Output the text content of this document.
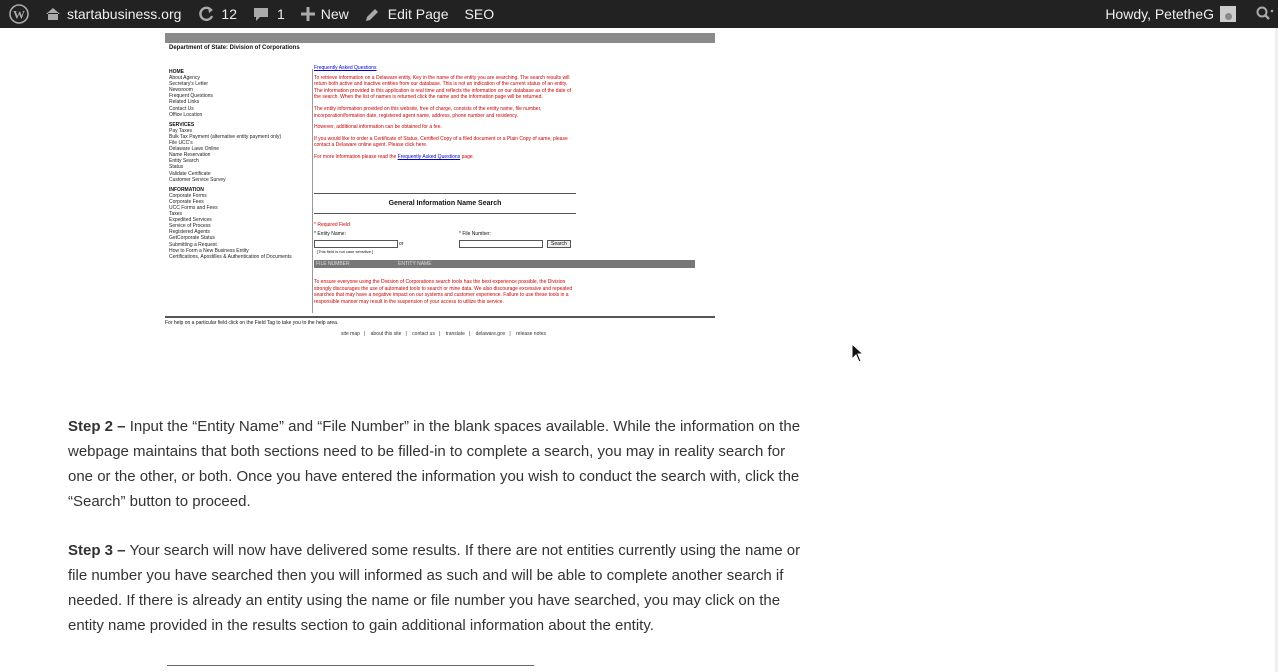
W	startabusiness.org	12	1	New	Edit Page SEO	Howdy, PetetheG
Department of State: Division of Corporations
HOME
About Agency
Secretary's Letter
Newsroom
Frequent Questions
Related Links
Contact Us
Office Location
SERVICES
Pay Taxes
Bulk Tax Payment (alternative entity payment only)
File UCC's
Delaware Laws Online
Name Reservation
Entity Search
Status
Validate Certificate
Customer Service Survey
INFORMATION
Corporate Forms
Corporate Fees
UCC Forms and Fees
Taxes
Expedited Services
Service of Process
Registered Agents
GetCorporate Status
Submitting a Request
How to Form a New Business Entity
Certifications, Apostilles & Authentication of Documents
Frequently Asked Questions
To retrieve information on a Delaware entity, Key in the name of the entity you are searching. The search results will return both active and inactive entities from our database. This is not an indication of the current status of an entity. The information provided in this application is real time and reflects the information on our database as of the date of the search. When the list of names is returned click the name and the information page will be returned.
The entity information provided on this website, free of charge, consists of the entity name, file number, incorporation/formation date, registered agent name, address, phone number and residency.
However, additional information can be obtained for a fee.
If you would like to order a Certificate of Status, Certified Copy of a filed document or a Plain Copy of same, please contact a Delaware online agent. Please click here.
For more information please read the Frequently Asked Questions page.
General Information Name Search
* Required Field
* Entity Name:
or
* File Number:
Search
[This field is not case sensitive.]
FILE NUMBER	ENTITY NAME
To ensure everyone using the Division of Corporations search tools has the best experience possible, the Division strongly discourages the use of automated tools to search or mine data. We also discourage excessive and repeated searches that may have a negative impact on our systems and customer experience. Failure to use these tools in a responsible manner may result in the suspension of your access to utilize this service.
For help on a particular field click on the Field Tag to take you to the help area.
site map | about this site | contact us | translate | delaware.gov | release notes

Step 2 – Input the “Entity Name” and “File Number” in the blank spaces available. While the information on the webpage maintains that both sections need to be filled-in to complete a search, you may in reality search for one or the other, or both. Once you have entered the information you wish to conduct the search with, click the “Search” button to proceed.

Step 3 – Your search will now have delivered some results. If there are not entities currently using the name or file number you have searched then you will informed as such and will be able to complete another search if needed. If there is already an entity using the name or file number you have searched, you may click on the entity name provided in the results section to gain additional information about the entity.
